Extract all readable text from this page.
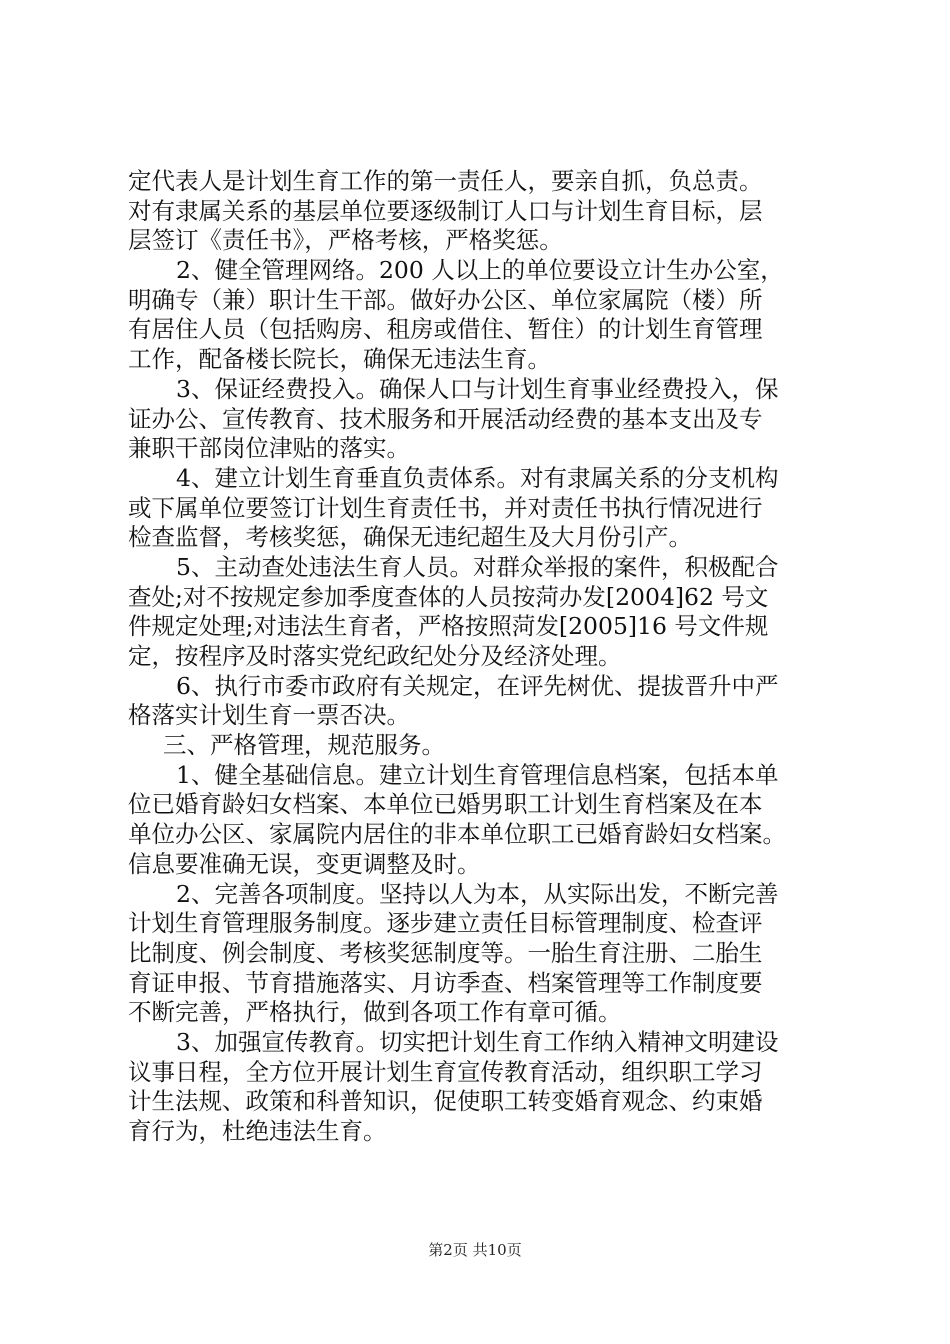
定代表人是计划生育工作的第一责任人，要亲自抓，负总责。
对有隶属关系的基层单位要逐级制订人口与计划生育目标，层
层签订《责任书》，严格考核，严格奖惩。
2、健全管理网络。200 人以上的单位要设立计生办公室，
明确专（兼）职计生干部。做好办公区、单位家属院（楼）所
有居住人员（包括购房、租房或借住、暂住）的计划生育管理
工作，配备楼长院长，确保无违法生育。
3、保证经费投入。确保人口与计划生育事业经费投入，保
证办公、宣传教育、技术服务和开展活动经费的基本支出及专
兼职干部岗位津贴的落实。
4、建立计划生育垂直负责体系。对有隶属关系的分支机构
或下属单位要签订计划生育责任书，并对责任书执行情况进行
检查监督，考核奖惩，确保无违纪超生及大月份引产。
5、主动查处违法生育人员。对群众举报的案件，积极配合
查处;对不按规定参加季度查体的人员按菏办发[2004]62 号文
件规定处理;对违法生育者，严格按照菏发[2005]16 号文件规
定，按程序及时落实党纪政纪处分及经济处理。
6、执行市委市政府有关规定，在评先树优、提拔晋升中严
格落实计划生育一票否决。
三、严格管理，规范服务。
1、健全基础信息。建立计划生育管理信息档案，包括本单
位已婚育龄妇女档案、本单位已婚男职工计划生育档案及在本
单位办公区、家属院内居住的非本单位职工已婚育龄妇女档案。
信息要准确无误，变更调整及时。
2、完善各项制度。坚持以人为本，从实际出发，不断完善
计划生育管理服务制度。逐步建立责任目标管理制度、检查评
比制度、例会制度、考核奖惩制度等。一胎生育注册、二胎生
育证申报、节育措施落实、月访季查、档案管理等工作制度要
不断完善，严格执行，做到各项工作有章可循。
3、加强宣传教育。切实把计划生育工作纳入精神文明建设
议事日程，全方位开展计划生育宣传教育活动，组织职工学习
计生法规、政策和科普知识，促使职工转变婚育观念、约束婚
育行为，杜绝违法生育。
第2页 共10页
